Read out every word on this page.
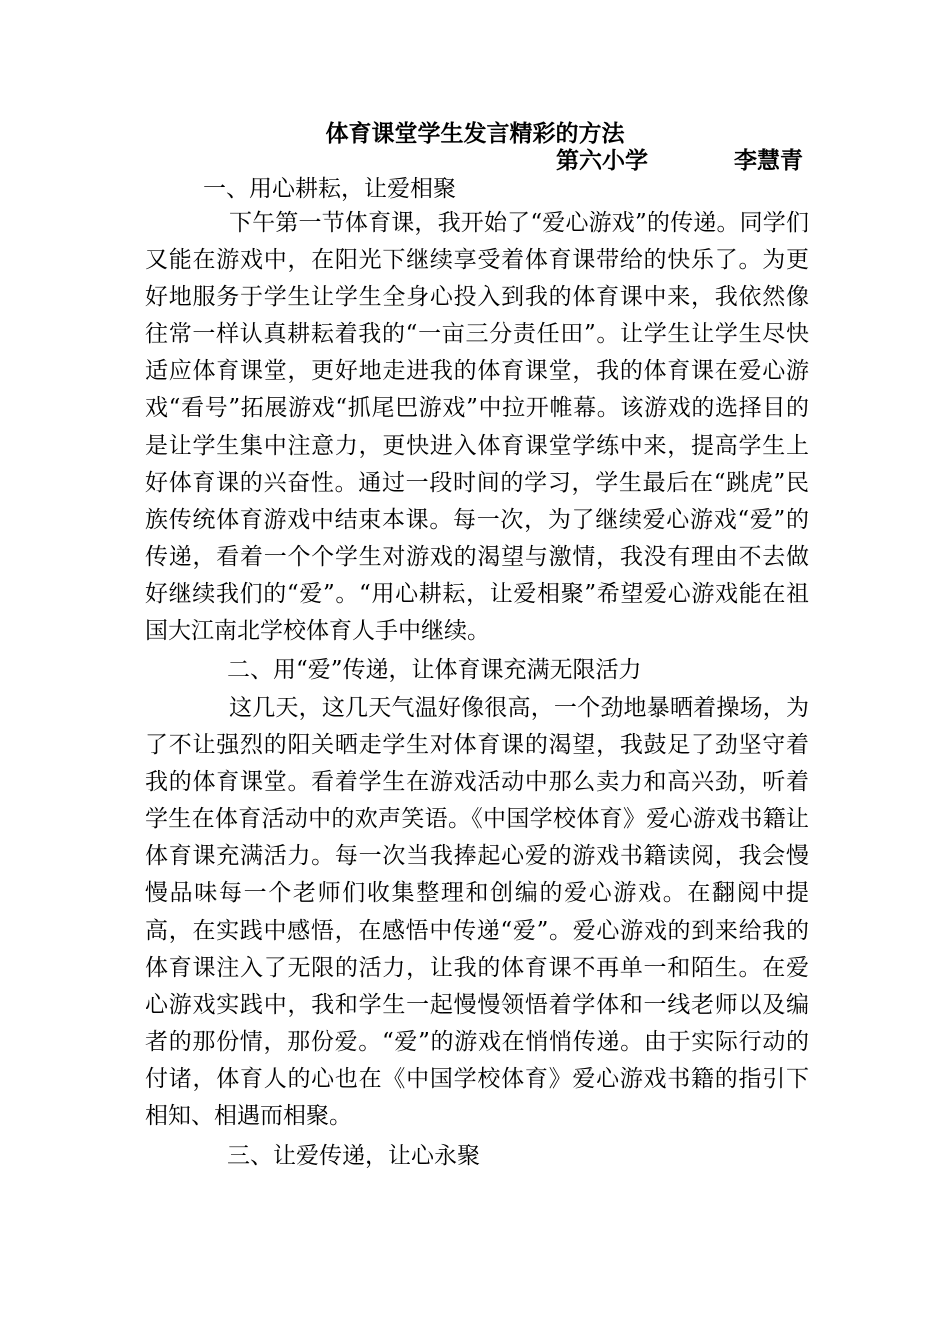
体育课堂学生发言精彩的方法
第六小学	李慧青
一、用心耕耘，让爱相聚
下午第一节体育课，我开始了“爱心游戏”的传递。同学们又能在游戏中，在阳光下继续享受着体育课带给的快乐了。为更好地服务于学生让学生全身心投入到我的体育课中来，我依然像往常一样认真耕耘着我的“一亩三分责任田”。让学生让学生尽快适应体育课堂，更好地走进我的体育课堂，我的体育课在爱心游戏“看号”拓展游戏“抓尾巴游戏”中拉开帷幕。该游戏的选择目的是让学生集中注意力，更快进入体育课堂学练中来，提高学生上好体育课的兴奋性。通过一段时间的学习，学生最后在“跳虎”民族传统体育游戏中结束本课。每一次，为了继续爱心游戏“爱”的传递，看着一个个学生对游戏的渴望与激情，我没有理由不去做好继续我们的“爱”。“用心耕耘，让爱相聚”希望爱心游戏能在祖国大江南北学校体育人手中继续。
二、用“爱”传递，让体育课充满无限活力
这几天，这几天气温好像很高，一个劲地暴晒着操场，为了不让强烈的阳关晒走学生对体育课的渴望，我鼓足了劲坚守着我的体育课堂。看着学生在游戏活动中那么卖力和高兴劲，听着学生在体育活动中的欢声笑语。《中国学校体育》爱心游戏书籍让体育课充满活力。每一次当我捧起心爱的游戏书籍读阅，我会慢慢品味每一个老师们收集整理和创编的爱心游戏。在翻阅中提高，在实践中感悟，在感悟中传递“爱”。爱心游戏的到来给我的体育课注入了无限的活力，让我的体育课不再单一和陌生。在爱心游戏实践中，我和学生一起慢慢领悟着学体和一线老师以及编者的那份情，那份爱。“爱”的游戏在悄悄传递。由于实际行动的付诸，体育人的心也在《中国学校体育》爱心游戏书籍的指引下相知、相遇而相聚。
三、让爱传递，让心永聚
